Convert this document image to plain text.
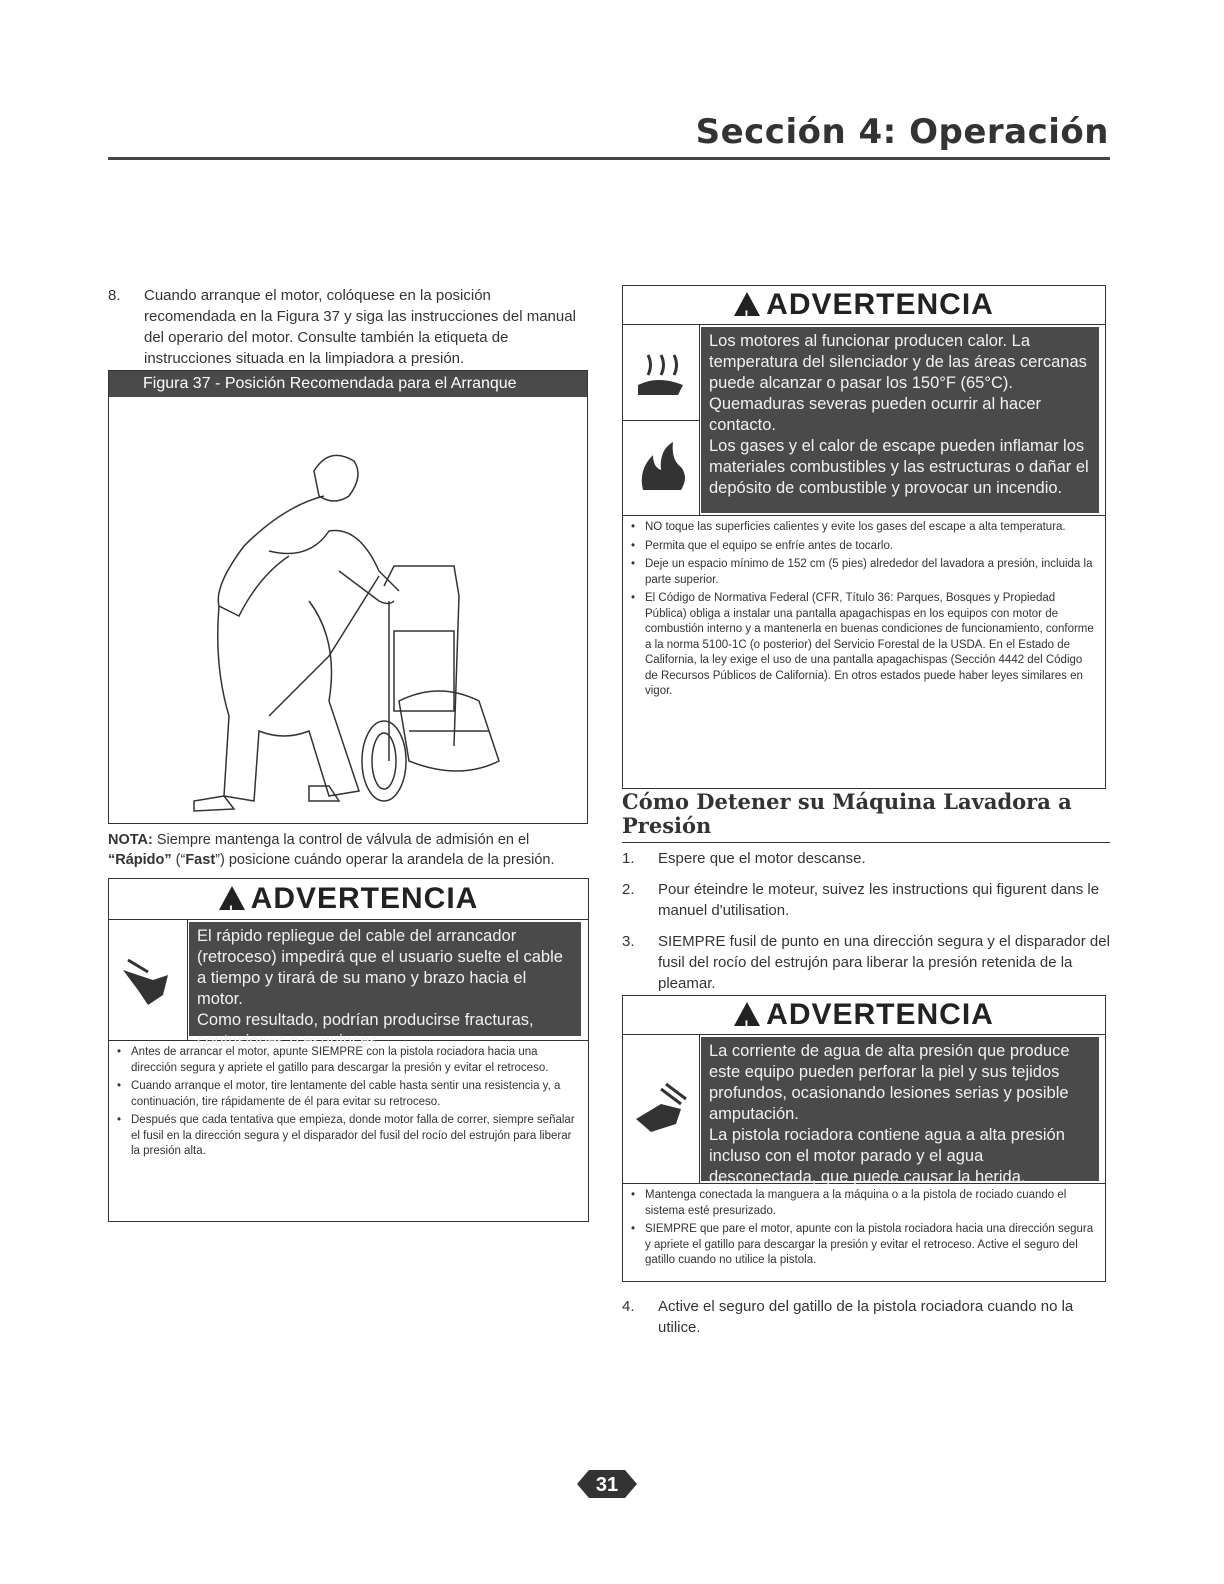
Sección 4: Operación
8. Cuando arranque el motor, colóquese en la posición recomendada en la Figura 37 y siga las instrucciones del manual del operario del motor. Consulte también la etiqueta de instrucciones situada en la limpiadora a presión.
Figura 37 - Posición Recomendada para el Arranque
NOTA: Siempre mantenga la control de válvula de admisión en el “Rápido” (“Fast”) posicione cuándo operar la arandela de la presión.
!ADVERTENCIA

El rápido repliegue del cable del arrancador (retroceso) impedirá que el usuario suelte el cable a tiempo y tirará de su mano y brazo hacia el motor.

Como resultado, podrían producirse fracturas, contusiones o esguinces.

• Antes de arrancar el motor, apunte SIEMPRE con la pistola rociadora hacia una dirección segura y apriete el gatillo para descargar la presión y evitar el retroceso.
• Cuando arranque el motor, tire lentamente del cable hasta sentir una resistencia y, a continuación, tire rápidamente de él para evitar su retroceso.
• Después que cada tentativa que empieza, donde motor falla de correr, siempre señalar el fusil en la dirección segura y el disparador del fusil del rocío del estrujón para liberar la presión alta.
!ADVERTENCIA

Los motores al funcionar producen calor. La temperatura del silenciador y de las áreas cercanas puede alcanzar o pasar los 150°F (65°C).

Quemaduras severas pueden ocurrir al hacer contacto.

Los gases y el calor de escape pueden inflamar los materiales combustibles y las estructuras o dañar el depósito de combustible y provocar un incendio.

• NO toque las superficies calientes y evite los gases del escape a alta temperatura.
• Permita que el equipo se enfríe antes de tocarlo.
• Deje un espacio mínimo de 152 cm (5 pies) alrededor del lavadora a presión, incluida la parte superior.
• El Código de Normativa Federal (CFR, Título 36: Parques, Bosques y Propiedad Pública) obliga a instalar una pantalla apagachispas en los equipos con motor de combustión interno y a mantenerla en buenas condiciones de funcionamiento, conforme a la norma 5100-1C (o posterior) del Servicio Forestal de la USDA. En el Estado de California, la ley exige el uso de una pantalla apagachispas (Sección 4442 del Código de Recursos Públicos de California). En otros estados puede haber leyes similares en vigor.
Cómo Detener su Máquina Lavadora a Presión
1. Espere que el motor descanse.
2. Pour éteindre le moteur, suivez les instructions qui figurent dans le manuel d'utilisation.
3. SIEMPRE fusil de punto en una dirección segura y el disparador del fusil del rocío del estrujón para liberar la presión retenida de la pleamar.
!ADVERTENCIA

La corriente de agua de alta presión que produce este equipo pueden perforar la piel y sus tejidos profundos, ocasionando lesiones serias y posible amputación.

La pistola rociadora contiene agua a alta presión incluso con el motor parado y el agua desconectada, que puede causar la herida.

• Mantenga conectada la manguera a la máquina o a la pistola de rociado cuando el sistema esté presurizado.
• SIEMPRE que pare el motor, apunte con la pistola rociadora hacia una dirección segura y apriete el gatillo para descargar la presión y evitar el retroceso. Active el seguro del gatillo cuando no utilice la pistola.
4. Active el seguro del gatillo de la pistola rociadora cuando no la utilice.
31
